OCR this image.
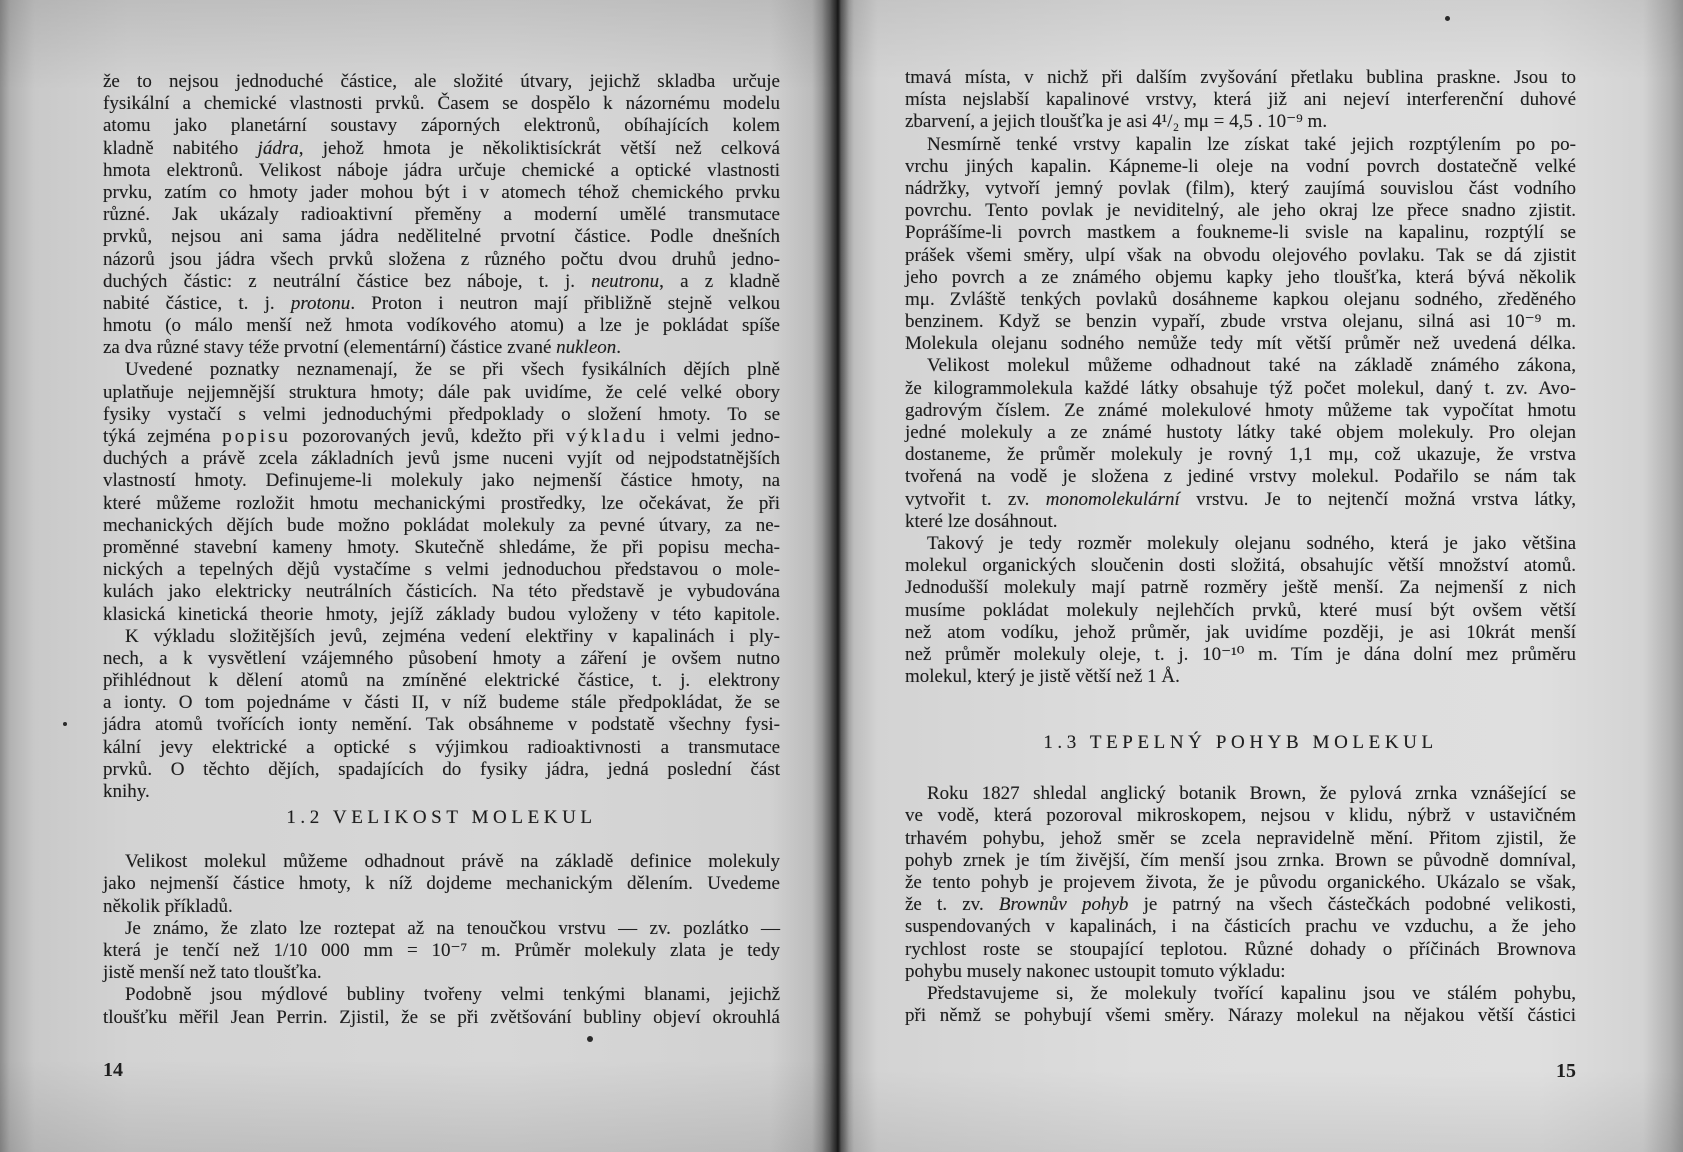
že to nejsou jednoduché částice, ale složité útvary, jejichž skladba určuje
fysikální a chemické vlastnosti prvků. Časem se dospělo k názornému modelu
atomu jako planetární soustavy záporných elektronů, obíhajících kolem
kladně nabitého jádra, jehož hmota je několiktisíckrát větší než celková
hmota elektronů. Velikost náboje jádra určuje chemické a optické vlastnosti
prvku, zatím co hmoty jader mohou být i v atomech téhož chemického prvku
různé. Jak ukázaly radioaktivní přeměny a moderní umělé transmutace
prvků, nejsou ani sama jádra nedělitelné prvotní částice. Podle dnešních
názorů jsou jádra všech prvků složena z různého počtu dvou druhů jedno-
duchých částic: z neutrální částice bez náboje, t. j. neutronu, a z kladně
nabité částice, t. j. protonu. Proton i neutron mají přibližně stejně velkou
hmotu (o málo menší než hmota vodíkového atomu) a lze je pokládat spíše
za dva různé stavy téže prvotní (elementární) částice zvané nukleon.
Uvedené poznatky neznamenají, že se při všech fysikálních dějích plně
uplatňuje nejjemnější struktura hmoty; dále pak uvidíme, že celé velké obory
fysiky vystačí s velmi jednoduchými předpoklady o složení hmoty. To se
týká zejména popisu pozorovaných jevů, kdežto při výkladu i velmi jedno-
duchých a právě zcela základních jevů jsme nuceni vyjít od nejpodstatnějších
vlastností hmoty. Definujeme-li molekuly jako nejmenší částice hmoty, na
které můžeme rozložit hmotu mechanickými prostředky, lze očekávat, že při
mechanických dějích bude možno pokládat molekuly za pevné útvary, za ne-
proměnné stavební kameny hmoty. Skutečně shledáme, že při popisu mecha-
nických a tepelných dějů vystačíme s velmi jednoduchou představou o mole-
kulách jako elektricky neutrálních částicích. Na této představě je vybudována
klasická kinetická theorie hmoty, jejíž základy budou vyloženy v této kapitole.
K výkladu složitějších jevů, zejména vedení elektřiny v kapalinách i ply-
nech, a k vysvětlení vzájemného působení hmoty a záření je ovšem nutno
přihlédnout k dělení atomů na zmíněné elektrické částice, t. j. elektrony
a ionty. O tom pojednáme v části II, v níž budeme stále předpokládat, že se
jádra atomů tvořících ionty nemění. Tak obsáhneme v podstatě všechny fysi-
kální jevy elektrické a optické s výjimkou radioaktivnosti a transmutace
prvků. O těchto dějích, spadajících do fysiky jádra, jedná poslední část
knihy.
1.2 VELIKOST MOLEKUL
Velikost molekul můžeme odhadnout právě na základě definice molekuly
jako nejmenší částice hmoty, k níž dojdeme mechanickým dělením. Uvedeme
několik příkladů.
Je známo, že zlato lze roztepat až na tenoučkou vrstvu — zv. pozlátko —
která je tenčí než 1/10 000 mm = 10⁻⁷ m. Průměr molekuly zlata je tedy
jistě menší než tato tloušťka.
Podobně jsou mýdlové bubliny tvořeny velmi tenkými blanami, jejichž
tloušťku měřil Jean Perrin. Zjistil, že se při zvětšování bubliny objeví okrouhlá
14
tmavá místa, v nichž při dalším zvyšování přetlaku bublina praskne. Jsou to
místa nejslabší kapalinové vrstvy, která již ani nejeví interferenční duhové
zbarvení, a jejich tloušťka je asi 4¹/₂ mμ = 4,5 . 10⁻⁹ m.
Nesmírně tenké vrstvy kapalin lze získat také jejich rozptýlením po po-
vrchu jiných kapalin. Kápneme-li oleje na vodní povrch dostatečně velké
nádržky, vytvoří jemný povlak (film), který zaujímá souvislou část vodního
povrchu. Tento povlak je neviditelný, ale jeho okraj lze přece snadno zjistit.
Poprášíme-li povrch mastkem a foukneme-li svisle na kapalinu, rozptýlí se
prášek všemi směry, ulpí však na obvodu olejového povlaku. Tak se dá zjistit
jeho povrch a ze známého objemu kapky jeho tloušťka, která bývá několik
mμ. Zvláště tenkých povlaků dosáhneme kapkou olejanu sodného, zředěného
benzinem. Když se benzin vypaří, zbude vrstva olejanu, silná asi 10⁻⁹ m.
Molekula olejanu sodného nemůže tedy mít větší průměr než uvedená délka.
Velikost molekul můžeme odhadnout také na základě známého zákona,
že kilogrammolekula každé látky obsahuje týž počet molekul, daný t. zv. Avo-
gadrovým číslem. Ze známé molekulové hmoty můžeme tak vypočítat hmotu
jedné molekuly a ze známé hustoty látky také objem molekuly. Pro olejan
dostaneme, že průměr molekuly je rovný 1,1 mμ, což ukazuje, že vrstva
tvořená na vodě je složena z jediné vrstvy molekul. Podařilo se nám tak
vytvořit t. zv. monomolekulární vrstvu. Je to nejtenčí možná vrstva látky,
které lze dosáhnout.
Takový je tedy rozměr molekuly olejanu sodného, která je jako většina
molekul organických sloučenin dosti složitá, obsahujíc větší množství atomů.
Jednodušší molekuly mají patrně rozměry ještě menší. Za nejmenší z nich
musíme pokládat molekuly nejlehčích prvků, které musí být ovšem větší
než atom vodíku, jehož průměr, jak uvidíme později, je asi 10krát menší
než průměr molekuly oleje, t. j. 10⁻¹⁰ m. Tím je dána dolní mez průměru
molekul, který je jistě větší než 1 Å.
1.3 TEPELNÝ POHYB MOLEKUL
Roku 1827 shledal anglický botanik Brown, že pylová zrnka vznášející se
ve vodě, která pozoroval mikroskopem, nejsou v klidu, nýbrž v ustavičném
trhavém pohybu, jehož směr se zcela nepravidelně mění. Přitom zjistil, že
pohyb zrnek je tím živější, čím menší jsou zrnka. Brown se původně domníval,
že tento pohyb je projevem života, že je původu organického. Ukázalo se však,
že t. zv. Brownův pohyb je patrný na všech částečkách podobné velikosti,
suspendovaných v kapalinách, i na částicích prachu ve vzduchu, a že jeho
rychlost roste se stoupající teplotou. Různé dohady o příčinách Brownova
pohybu musely nakonec ustoupit tomuto výkladu:
Představujeme si, že molekuly tvořící kapalinu jsou ve stálém pohybu,
při němž se pohybují všemi směry. Nárazy molekul na nějakou větší částici
15
